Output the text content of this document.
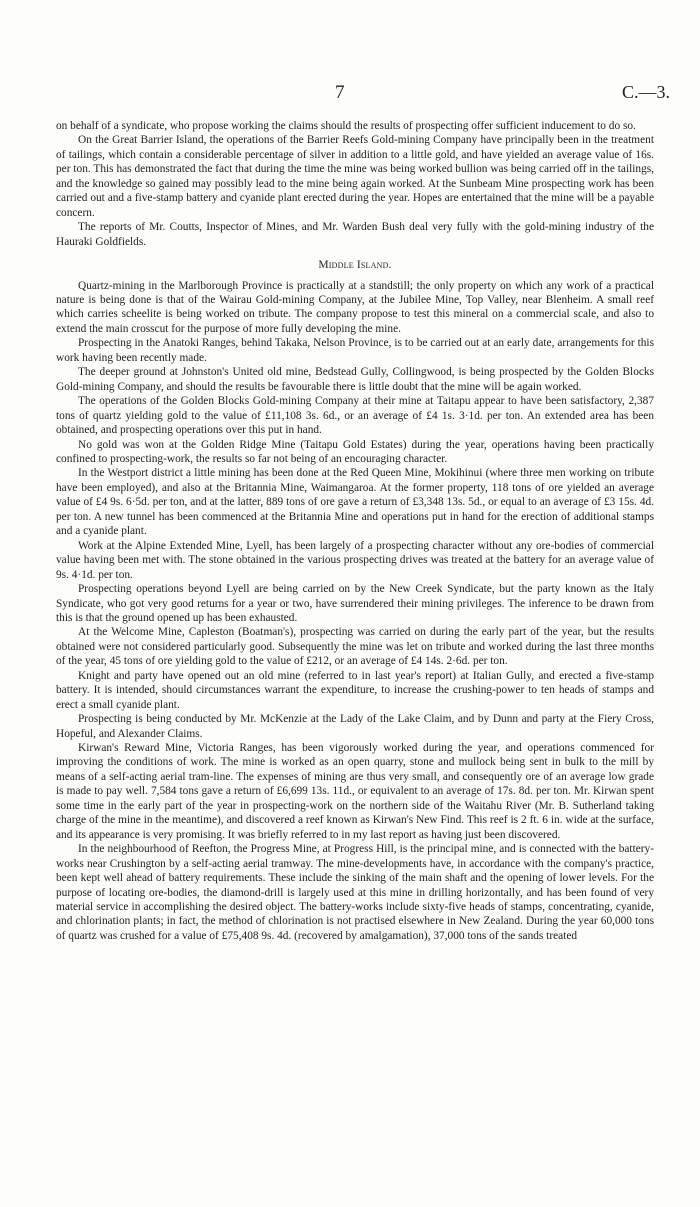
7	C.—3.

on behalf of a syndicate, who propose working the claims should the results of prospecting offer sufficient inducement to do so.

On the Great Barrier Island, the operations of the Barrier Reefs Gold-mining Company have principally been in the treatment of tailings, which contain a considerable percentage of silver in addition to a little gold, and have yielded an average value of 16s. per ton. This has demonstrated the fact that during the time the mine was being worked bullion was being carried off in the tailings, and the knowledge so gained may possibly lead to the mine being again worked. At the Sunbeam Mine prospecting work has been carried out and a five-stamp battery and cyanide plant erected during the year. Hopes are entertained that the mine will be a payable concern.

The reports of Mr. Coutts, Inspector of Mines, and Mr. Warden Bush deal very fully with the gold-mining industry of the Hauraki Goldfields.

Middle Island.

Quartz-mining in the Marlborough Province is practically at a standstill; the only property on which any work of a practical nature is being done is that of the Wairau Gold-mining Company, at the Jubilee Mine, Top Valley, near Blenheim. A small reef which carries scheelite is being worked on tribute. The company propose to test this mineral on a commercial scale, and also to extend the main crosscut for the purpose of more fully developing the mine.

Prospecting in the Anatoki Ranges, behind Takaka, Nelson Province, is to be carried out at an early date, arrangements for this work having been recently made.

The deeper ground at Johnston's United old mine, Bedstead Gully, Collingwood, is being prospected by the Golden Blocks Gold-mining Company, and should the results be favourable there is little doubt that the mine will be again worked.

The operations of the Golden Blocks Gold-mining Company at their mine at Taitapu appear to have been satisfactory, 2,387 tons of quartz yielding gold to the value of £11,108 3s. 6d., or an average of £4 1s. 3·1d. per ton. An extended area has been obtained, and prospecting operations over this put in hand.

No gold was won at the Golden Ridge Mine (Taitapu Gold Estates) during the year, operations having been practically confined to prospecting-work, the results so far not being of an encouraging character.

In the Westport district a little mining has been done at the Red Queen Mine, Mokihinui (where three men working on tribute have been employed), and also at the Britannia Mine, Waimangaroa. At the former property, 118 tons of ore yielded an average value of £4 9s. 6·5d. per ton, and at the latter, 889 tons of ore gave a return of £3,348 13s. 5d., or equal to an average of £3 15s. 4d. per ton. A new tunnel has been commenced at the Britannia Mine and operations put in hand for the erection of additional stamps and a cyanide plant.

Work at the Alpine Extended Mine, Lyell, has been largely of a prospecting character without any ore-bodies of commercial value having been met with. The stone obtained in the various prospecting drives was treated at the battery for an average value of 9s. 4·1d. per ton.

Prospecting operations beyond Lyell are being carried on by the New Creek Syndicate, but the party known as the Italy Syndicate, who got very good returns for a year or two, have surrendered their mining privileges. The inference to be drawn from this is that the ground opened up has been exhausted.

At the Welcome Mine, Capleston (Boatman's), prospecting was carried on during the early part of the year, but the results obtained were not considered particularly good. Subsequently the mine was let on tribute and worked during the last three months of the year, 45 tons of ore yielding gold to the value of £212, or an average of £4 14s. 2·6d. per ton.

Knight and party have opened out an old mine (referred to in last year's report) at Italian Gully, and erected a five-stamp battery. It is intended, should circumstances warrant the expenditure, to increase the crushing-power to ten heads of stamps and erect a small cyanide plant.

Prospecting is being conducted by Mr. McKenzie at the Lady of the Lake Claim, and by Dunn and party at the Fiery Cross, Hopeful, and Alexander Claims.

Kirwan's Reward Mine, Victoria Ranges, has been vigorously worked during the year, and operations commenced for improving the conditions of work. The mine is worked as an open quarry, stone and mullock being sent in bulk to the mill by means of a self-acting aerial tram-line. The expenses of mining are thus very small, and consequently ore of an average low grade is made to pay well. 7,584 tons gave a return of £6,699 13s. 11d., or equivalent to an average of 17s. 8d. per ton. Mr. Kirwan spent some time in the early part of the year in prospecting-work on the northern side of the Waitahu River (Mr. B. Sutherland taking charge of the mine in the meantime), and discovered a reef known as Kirwan's New Find. This reef is 2 ft. 6 in. wide at the surface, and its appearance is very promising. It was briefly referred to in my last report as having just been discovered.

In the neighbourhood of Reefton, the Progress Mine, at Progress Hill, is the principal mine, and is connected with the battery-works near Crushington by a self-acting aerial tramway. The mine-developments have, in accordance with the company's practice, been kept well ahead of battery requirements. These include the sinking of the main shaft and the opening of lower levels. For the purpose of locating ore-bodies, the diamond-drill is largely used at this mine in drilling horizontally, and has been found of very material service in accomplishing the desired object. The battery-works include sixty-five heads of stamps, concentrating, cyanide, and chlorination plants; in fact, the method of chlorination is not practised elsewhere in New Zealand. During the year 60,000 tons of quartz was crushed for a value of £75,408 9s. 4d. (recovered by amalgamation), 37,000 tons of the sands treated
